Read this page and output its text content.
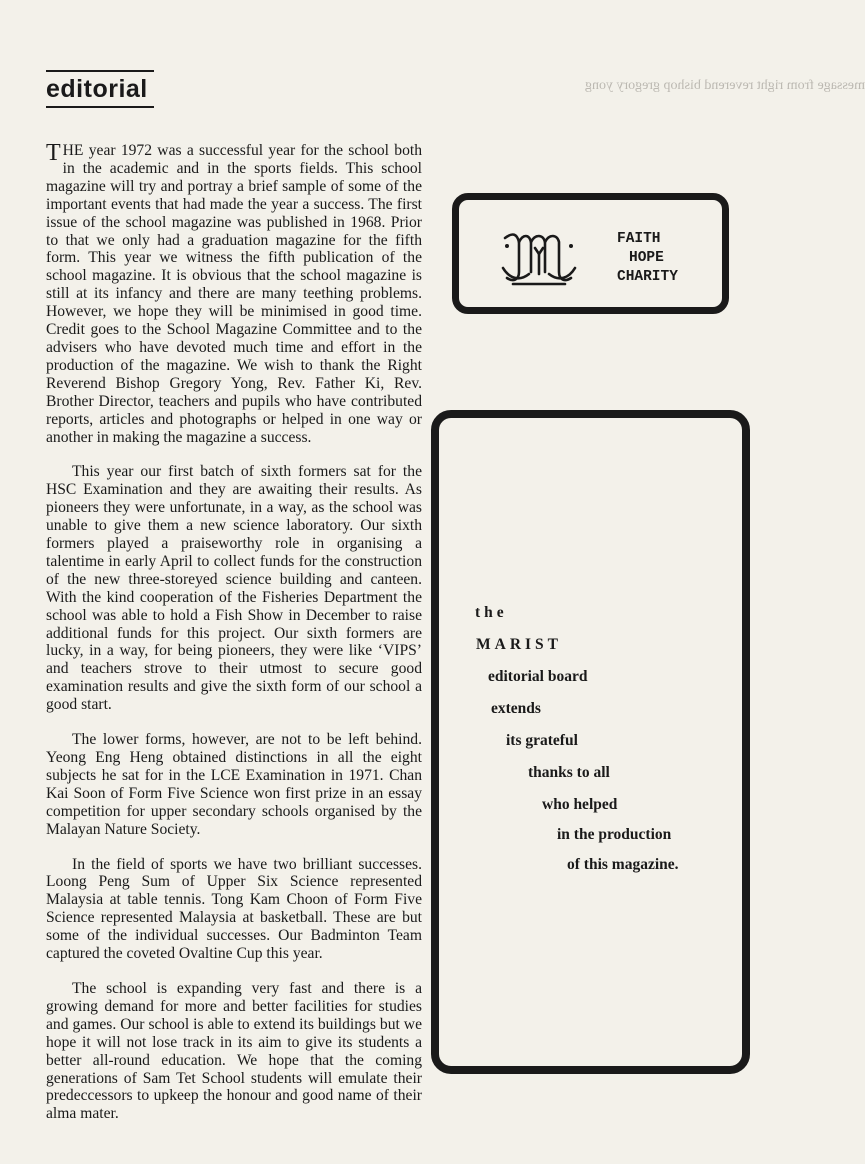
message from right reverend bishop gregory yong
editorial

THE year 1972 was a successful year for the school both in the academic and in the sports fields. This school magazine will try and portray a brief sample of some of the important events that had made the year a success. The first issue of the school magazine was published in 1968. Prior to that we only had a graduation magazine for the fifth form. This year we witness the fifth publication of the school magazine. It is obvious that the school magazine is still at its infancy and there are many teething problems. However, we hope they will be minimised in good time. Credit goes to the School Magazine Committee and to the advisers who have devoted much time and effort in the production of the magazine. We wish to thank the Right Reverend Bishop Gregory Yong, Rev. Father Ki, Rev. Brother Director, teachers and pupils who have contributed reports, articles and photographs or helped in one way or another in making the magazine a success.

This year our first batch of sixth formers sat for the HSC Examination and they are awaiting their results. As pioneers they were unfortunate, in a way, as the school was unable to give them a new science laboratory. Our sixth formers played a praiseworthy role in organising a talentime in early April to collect funds for the construction of the new three-storeyed science building and canteen. With the kind cooperation of the Fisheries Department the school was able to hold a Fish Show in December to raise additional funds for this project. Our sixth formers are lucky, in a way, for being pioneers, they were like ‘VIPS’ and teachers strove to their utmost to secure good examination results and give the sixth form of our school a good start.

The lower forms, however, are not to be left behind. Yeong Eng Heng obtained distinctions in all the eight subjects he sat for in the LCE Examination in 1971. Chan Kai Soon of Form Five Science won first prize in an essay competition for upper secondary schools organised by the Malayan Nature Society.

In the field of sports we have two brilliant successes. Loong Peng Sum of Upper Six Science represented Malaysia at table tennis. Tong Kam Choon of Form Five Science represented Malaysia at basketball. These are but some of the individual successes. Our Badminton Team captured the coveted Ovaltine Cup this year.

The school is expanding very fast and there is a growing demand for more and better facilities for studies and games. Our school is able to extend its buildings but we hope it will not lose track in its aim to give its students a better all-round education. We hope that the coming generations of Sam Tet School students will emulate their predeccessors to upkeep the honour and good name of their alma mater.

FAITH
HOPE
CHARITY
the
MARIST
editorial board
extends
its grateful
thanks to all
who helped
in the production
of this magazine.
